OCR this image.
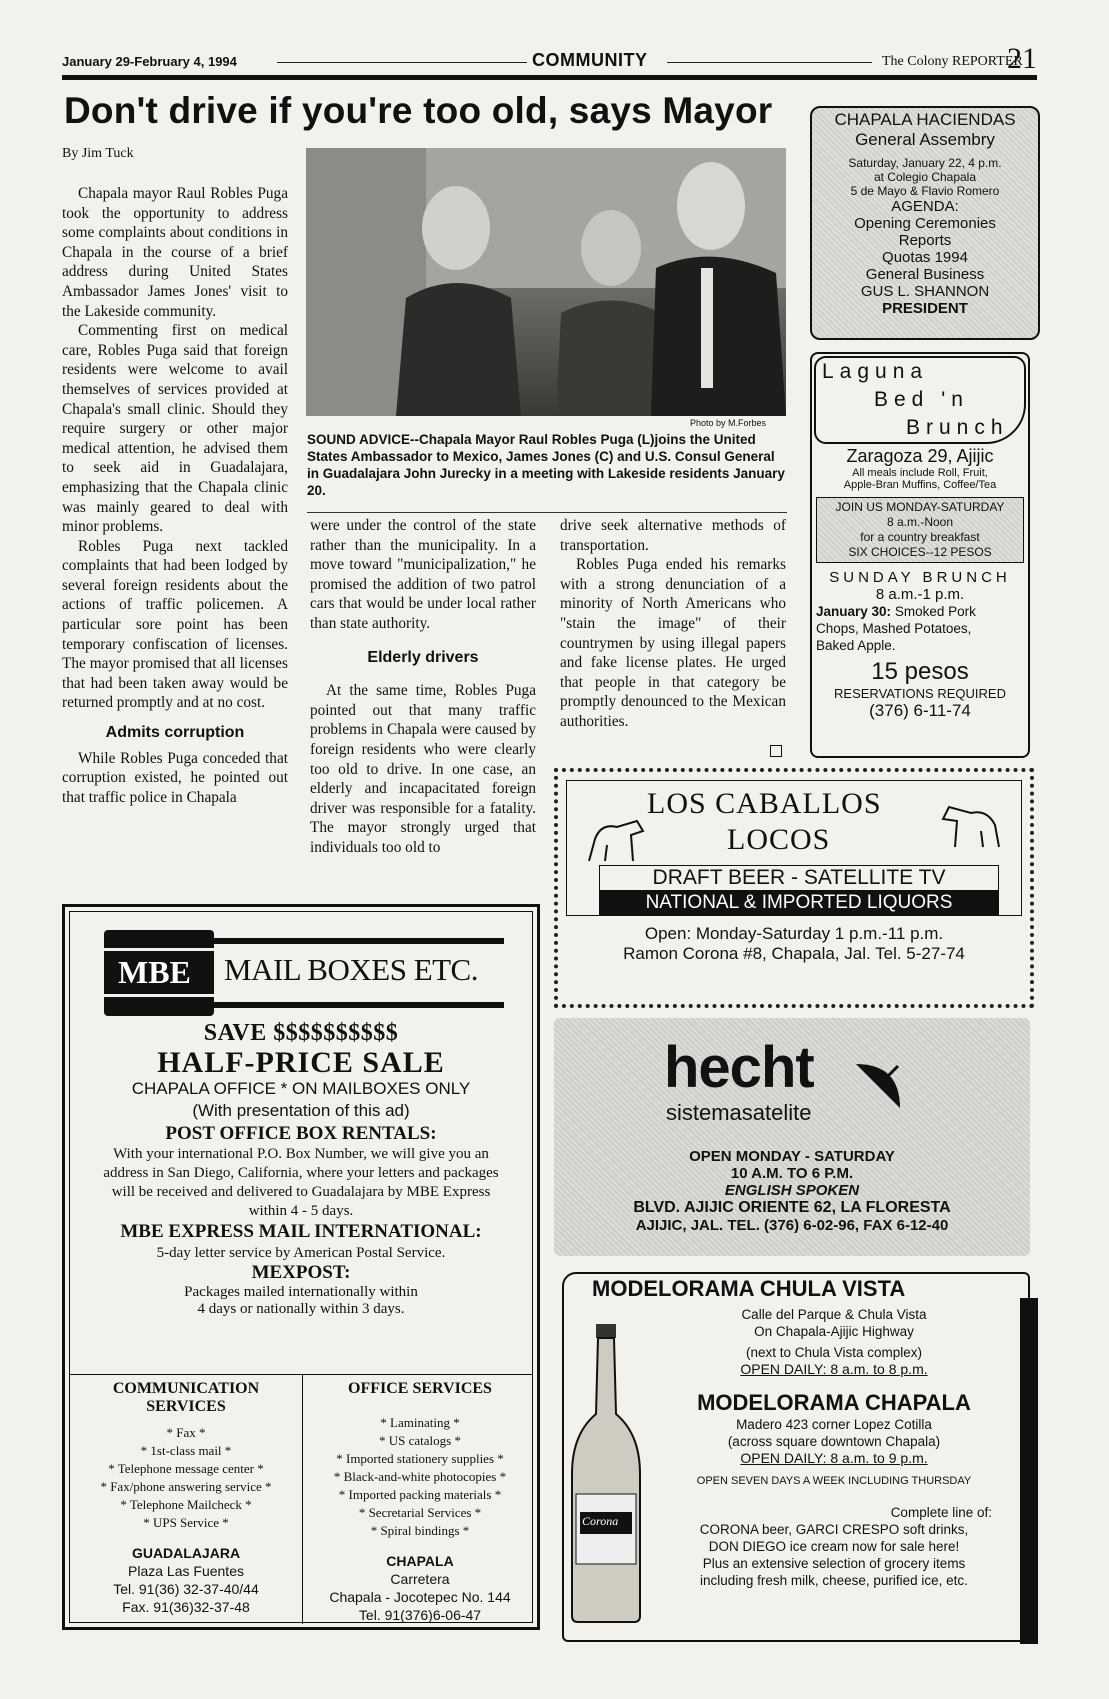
January 29-February 4, 1994	COMMUNITY	The Colony REPORTER
21
Don't drive if you're too old, says Mayor
By Jim Tuck

Chapala mayor Raul Robles Puga took the opportunity to address some complaints about conditions in Chapala in the course of a brief address during United States Ambassador James Jones' visit to the Lakeside community.

Commenting first on medical care, Robles Puga said that foreign residents were welcome to avail themselves of services provided at Chapala's small clinic. Should they require surgery or other major medical attention, he advised them to seek aid in Guadalajara, emphasizing that the Chapala clinic was mainly geared to deal with minor problems.

Robles Puga next tackled complaints that had been lodged by several foreign residents about the actions of traffic policemen. A particular sore point has been temporary confiscation of licenses. The mayor promised that all licenses that had been taken away would be returned promptly and at no cost.

Admits corruption

While Robles Puga conceded that corruption existed, he pointed out that traffic police in Chapala

Photo by M.Forbes
SOUND ADVICE--Chapala Mayor Raul Robles Puga (L)joins the United States Ambassador to Mexico, James Jones (C) and U.S. Consul General in Guadalajara John Jurecky in a meeting with Lakeside residents January 20.

were under the control of the state rather than the municipality. In a move toward "municipalization," he promised the addition of two patrol cars that would be under local rather than state authority.

Elderly drivers

At the same time, Robles Puga pointed out that many traffic problems in Chapala were caused by foreign residents who were clearly too old to drive. In one case, an elderly and incapacitated foreign driver was responsible for a fatality. The mayor strongly urged that individuals too old to

drive seek alternative methods of transportation.

Robles Puga ended his remarks with a strong denunciation of a minority of North Americans who "stain the image" of their countrymen by using illegal papers and fake license plates. He urged that people in that category be promptly denounced to the Mexican authorities.

CHAPALA HACIENDAS
General Assembry
Saturday, January 22, 4 p.m.
at Colegio Chapala
5 de Mayo & Flavio Romero
AGENDA:
Opening Ceremonies
Reports
Quotas 1994
General Business
GUS L. SHANNON
PRESIDENT
Laguna
Bed 'n
Brunch
Zaragoza 29, Ajijic
All meals include Roll, Fruit,
Apple-Bran Muffins, Coffee/Tea
JOIN US MONDAY-SATURDAY
8 a.m.-Noon
for a country breakfast
SIX CHOICES--12 PESOS
SUNDAY BRUNCH
8 a.m.-1 p.m.
January 30: Smoked Pork
Chops, Mashed Potatoes,
Baked Apple.
15 pesos
RESERVATIONS REQUIRED
(376) 6-11-74
LOS CABALLOS
LOCOS
DRAFT BEER - SATELLITE TV
NATIONAL & IMPORTED LIQUORS
Open: Monday-Saturday 1 p.m.-11 p.m.
Ramon Corona #8, Chapala, Jal. Tel. 5-27-74
hecht
sistemasatelite
OPEN MONDAY - SATURDAY
10 A.M. TO 6 P.M.
ENGLISH SPOKEN
BLVD. AJIJIC ORIENTE 62, LA FLORESTA
AJIJIC, JAL. TEL. (376) 6-02-96, FAX 6-12-40
MODELORAMA CHULA VISTA
Calle del Parque & Chula Vista
On Chapala-Ajijic Highway
(next to Chula Vista complex)
OPEN DAILY: 8 a.m. to 8 p.m.
MODELORAMA CHAPALA
Madero 423 corner Lopez Cotilla
(across square downtown Chapala)
OPEN DAILY: 8 a.m. to 9 p.m.
OPEN SEVEN DAYS A WEEK INCLUDING THURSDAY
Complete line of:
CORONA beer, GARCI CRESPO soft drinks,
DON DIEGO ice cream now for sale here!
Plus an extensive selection of grocery items
including fresh milk, cheese, purified ice, etc.
Corona
MBE MAIL BOXES ETC.
SAVE $$$$$$$$$$
HALF-PRICE SALE
CHAPALA OFFICE * ON MAILBOXES ONLY
(With presentation of this ad)
POST OFFICE BOX RENTALS:
With your international P.O. Box Number, we will give you an address in San Diego, California, where your letters and packages will be received and delivered to Guadalajara by MBE Express within 4 - 5 days.
MBE EXPRESS MAIL INTERNATIONAL:
5-day letter service by American Postal Service.
MEXPOST:
Packages mailed internationally within
4 days or nationally within 3 days.
COMMUNICATION
SERVICES
* Fax *
* 1st-class mail *
* Telephone message center *
* Fax/phone answering service *
* Telephone Mailcheck *
* UPS Service *
GUADALAJARA
Plaza Las Fuentes
Tel. 91(36) 32-37-40/44
Fax. 91(36)32-37-48
OFFICE SERVICES
* Laminating *
* US catalogs *
* Imported stationery supplies *
* Black-and-white photocopies *
* Imported packing materials *
* Secretarial Services *
* Spiral bindings *
CHAPALA
Carretera
Chapala - Jocotepec No. 144
Tel. 91(376)6-06-47
